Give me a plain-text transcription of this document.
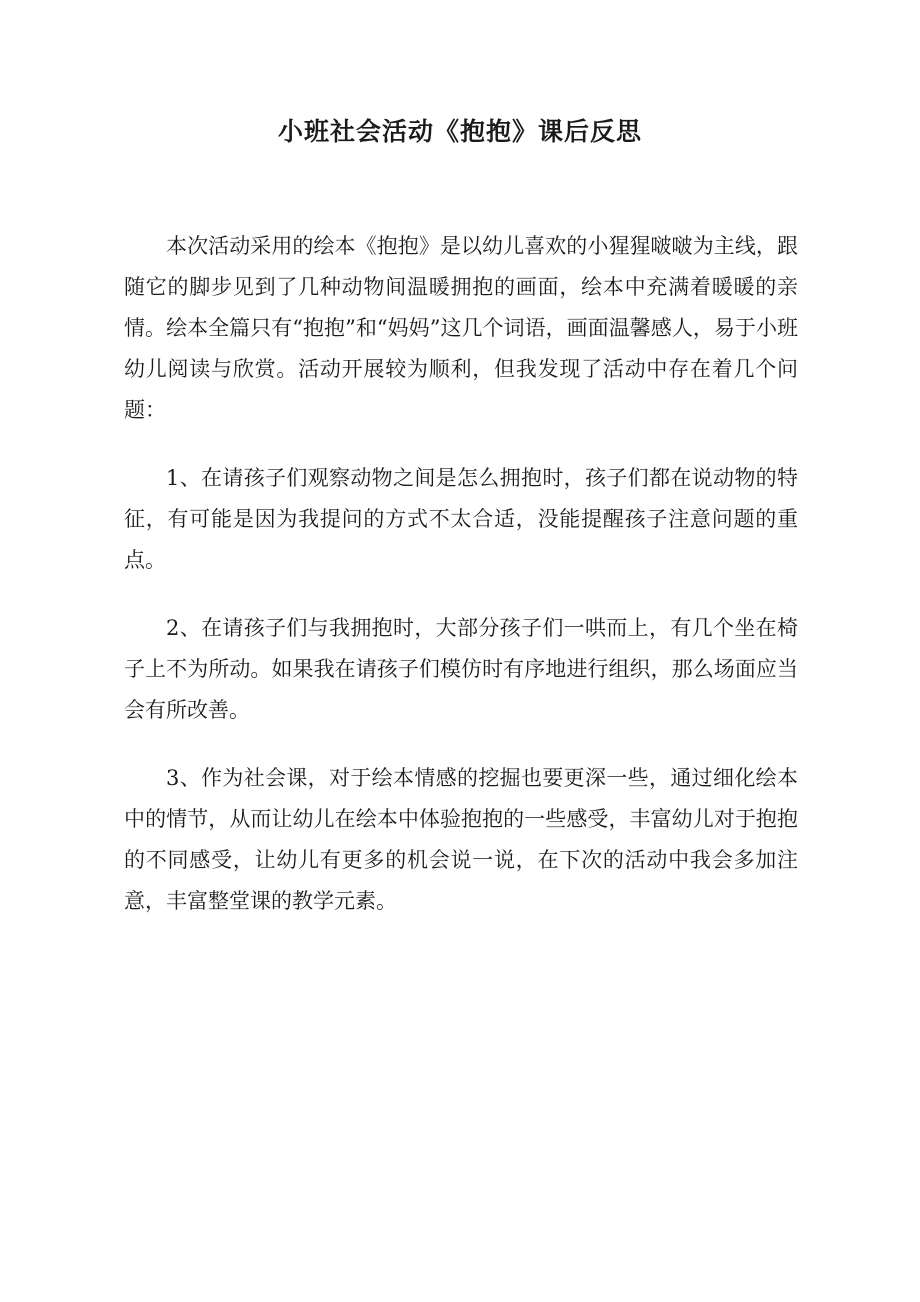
小班社会活动《抱抱》课后反思

本次活动采用的绘本《抱抱》是以幼儿喜欢的小猩猩啵啵为主线，跟随它的脚步见到了几种动物间温暖拥抱的画面，绘本中充满着暖暖的亲情。绘本全篇只有“抱抱”和“妈妈”这几个词语，画面温馨感人，易于小班幼儿阅读与欣赏。活动开展较为顺利，但我发现了活动中存在着几个问题：

1、在请孩子们观察动物之间是怎么拥抱时，孩子们都在说动物的特征，有可能是因为我提问的方式不太合适，没能提醒孩子注意问题的重点。

2、在请孩子们与我拥抱时，大部分孩子们一哄而上，有几个坐在椅子上不为所动。如果我在请孩子们模仿时有序地进行组织，那么场面应当会有所改善。

3、作为社会课，对于绘本情感的挖掘也要更深一些，通过细化绘本中的情节，从而让幼儿在绘本中体验抱抱的一些感受，丰富幼儿对于抱抱的不同感受，让幼儿有更多的机会说一说，在下次的活动中我会多加注意，丰富整堂课的教学元素。
